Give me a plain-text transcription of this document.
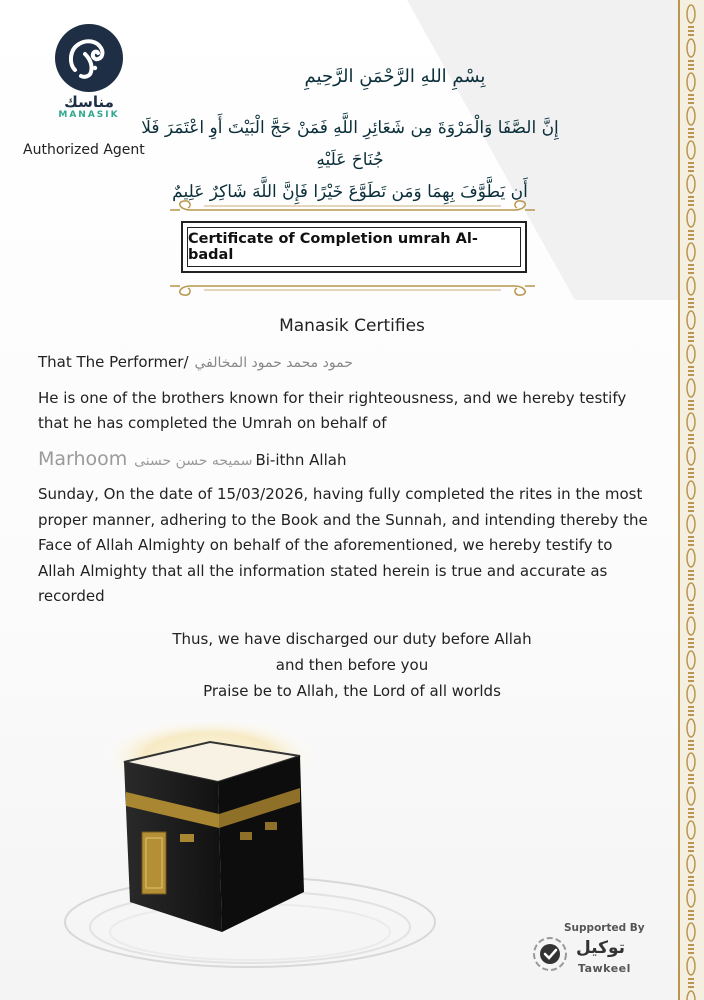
مناسك
MANASIK
Authorized Agent
بِسْمِ اللهِ الرَّحْمَنِ الرَّحِيمِ
إِنَّ الصَّفَا وَالْمَرْوَةَ مِن شَعَائِرِ اللَّهِ فَمَنْ حَجَّ الْبَيْتَ أَوِ اعْتَمَرَ فَلَا جُنَاحَ عَلَيْهِ
أَن يَطَّوَّفَ بِهِمَا وَمَن تَطَوَّعَ خَيْرًا فَإِنَّ اللَّهَ شَاكِرٌ عَلِيمٌ
Certificate of Completion umrah Al-badal
Manasik Certifies
That The Performer/ حمود محمد حمود المخالفي
He is one of the brothers known for their righteousness, and we hereby testify that he has completed the Umrah on behalf of
Marhoom سميحه حسن حسنى Bi-ithn Allah
Sunday, On the date of 15/03/2026, having fully completed the rites in the most proper manner, adhering to the Book and the Sunnah, and intending thereby the Face of Allah Almighty on behalf of the aforementioned, we hereby testify to Allah Almighty that all the information stated herein is true and accurate as recorded
Thus, we have discharged our duty before Allah
and then before you
Praise be to Allah, the Lord of all worlds
Supported By
توكيل
Tawkeel
